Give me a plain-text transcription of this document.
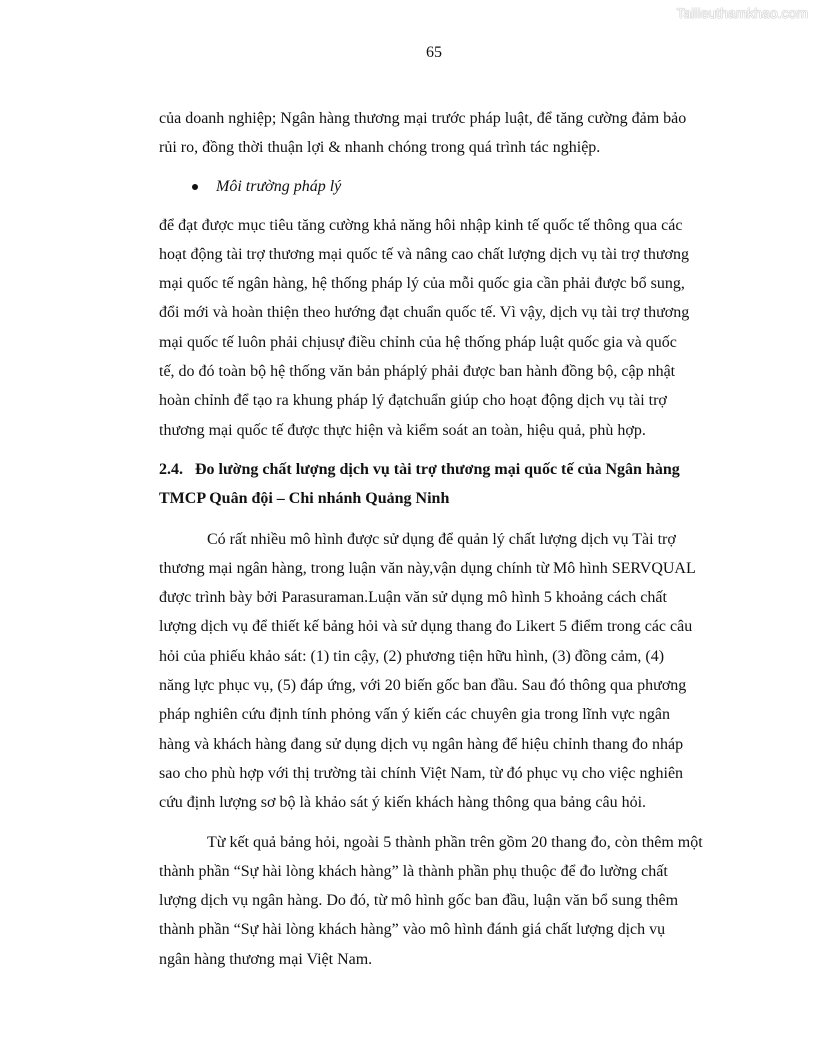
Tailieuthamkhao.com
65

của doanh nghiệp; Ngân hàng thương mại trước pháp luật, để tăng cường đảm bảo

rủi ro, đồng thời thuận lợi & nhanh chóng trong quá trình tác nghiệp.

Môi trường pháp lý

để đạt được mục tiêu tăng cường khả năng hôi nhập kinh tế quốc tế thông qua các

hoạt động tài trợ thương mại quốc tế và nâng cao chất lượng dịch vụ tài trợ thương

mại quốc tế ngân hàng, hệ thống pháp lý của mỗi quốc gia cần phải được bổ sung,

đổi mới và hoàn thiện theo hướng đạt chuẩn quốc tế. Vì vậy, dịch vụ tài trợ thương

mại quốc tế luôn phải chịusự điều chỉnh của hệ thống pháp luật quốc gia và quốc

tế, do đó toàn bộ hệ thống văn bản pháplý phải được ban hành đồng bộ, cập nhật

hoàn chỉnh để tạo ra khung pháp lý đạtchuẩn giúp cho hoạt động dịch vụ tài trợ

thương mại quốc tế được thực hiện và kiểm soát an toàn, hiệu quả, phù hợp.

2.4. Đo lường chất lượng dịch vụ tài trợ thương mại quốc tế của Ngân hàng

TMCP Quân đội – Chi nhánh Quảng Ninh

Có rất nhiều mô hình được sử dụng để quản lý chất lượng dịch vụ Tài trợ

thương mại ngân hàng, trong luận văn này,vận dụng chính từ Mô hình SERVQUAL

được trình bày bởi Parasuraman.Luận văn sử dụng mô hình 5 khoảng cách chất

lượng dịch vụ để thiết kế bảng hỏi và sử dụng thang đo Likert 5 điểm trong các câu

hỏi của phiếu khảo sát: (1) tin cậy, (2) phương tiện hữu hình, (3) đồng cảm, (4)

năng lực phục vụ, (5) đáp ứng, với 20 biến gốc ban đầu. Sau đó thông qua phương

pháp nghiên cứu định tính phỏng vấn ý kiến các chuyên gia trong lĩnh vực ngân

hàng và khách hàng đang sử dụng dịch vụ ngân hàng để hiệu chỉnh thang đo nháp

sao cho phù hợp với thị trường tài chính Việt Nam, từ đó phục vụ cho việc nghiên

cứu định lượng sơ bộ là khảo sát ý kiến khách hàng thông qua bảng câu hỏi.

Từ kết quả bảng hỏi, ngoài 5 thành phần trên gồm 20 thang đo, còn thêm một

thành phần “Sự hài lòng khách hàng” là thành phần phụ thuộc để đo lường chất

lượng dịch vụ ngân hàng. Do đó, từ mô hình gốc ban đầu, luận văn bổ sung thêm

thành phần “Sự hài lòng khách hàng” vào mô hình đánh giá chất lượng dịch vụ

ngân hàng thương mại Việt Nam.
